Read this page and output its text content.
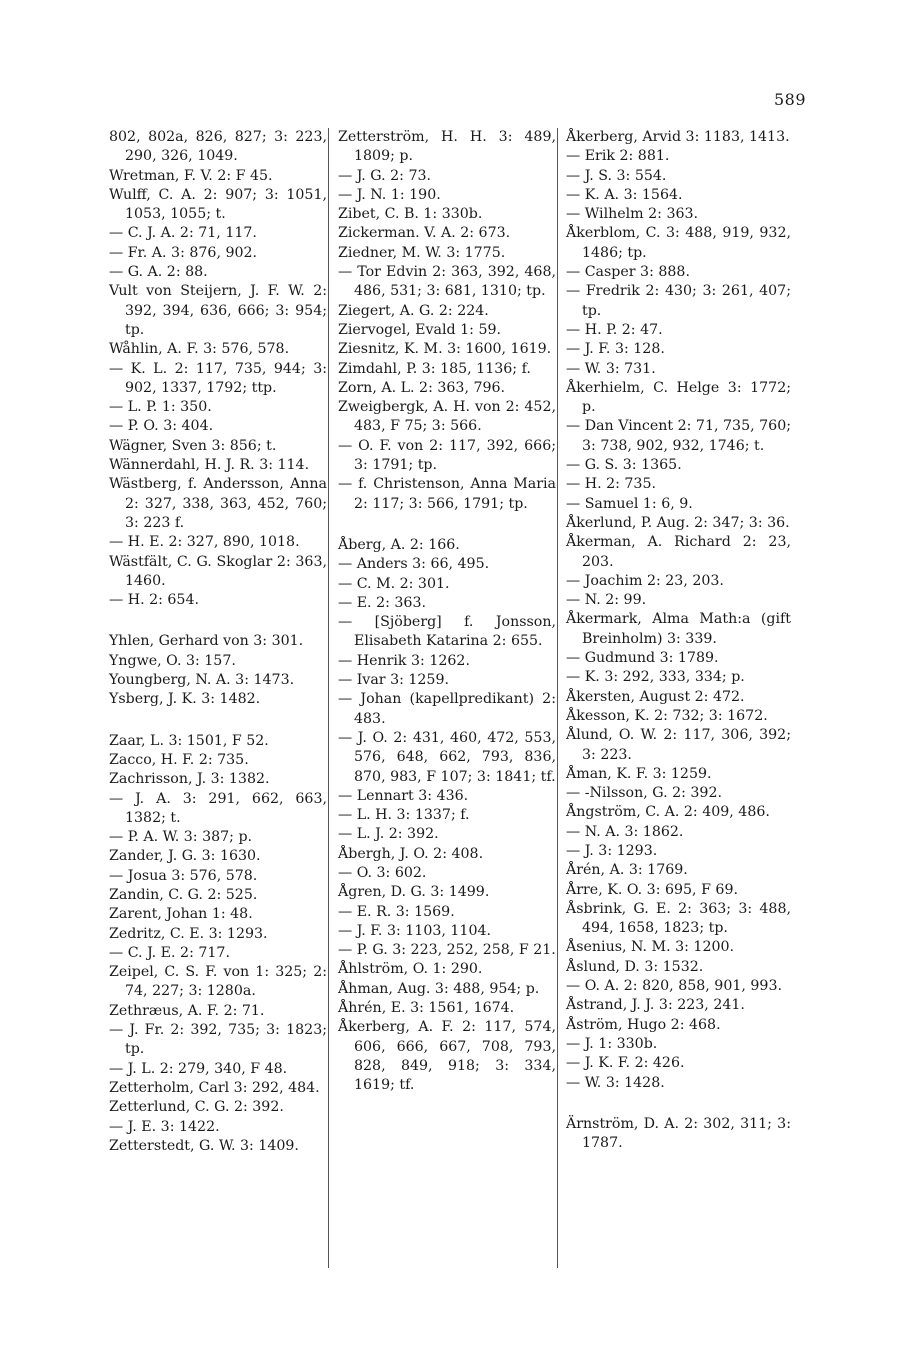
589
802, 802a, 826, 827; 3: 223, 290, 326, 1049.
Wretman, F. V. 2: F 45.
Wulff, C. A. 2: 907; 3: 1051, 1053, 1055; t.
— C. J. A. 2: 71, 117.
— Fr. A. 3: 876, 902.
— G. A. 2: 88.
Vult von Steijern, J. F. W. 2: 392, 394, 636, 666; 3: 954; tp.
Wåhlin, A. F. 3: 576, 578.
— K. L. 2: 117, 735, 944; 3: 902, 1337, 1792; ttp.
— L. P. 1: 350.
— P. O. 3: 404.
Wägner, Sven 3: 856; t.
Wännerdahl, H. J. R. 3: 114.
Wästberg, f. Andersson, Anna 2: 327, 338, 363, 452, 760; 3: 223 f.
— H. E. 2: 327, 890, 1018.
Wästfält, C. G. Skoglar 2: 363, 1460.
— H. 2: 654.
Yhlen, Gerhard von 3: 301.
Yngwe, O. 3: 157.
Youngberg, N. A. 3: 1473.
Ysberg, J. K. 3: 1482.
Zaar, L. 3: 1501, F 52.
Zacco, H. F. 2: 735.
Zachrisson, J. 3: 1382.
— J. A. 3: 291, 662, 663, 1382; t.
— P. A. W. 3: 387; p.
Zander, J. G. 3: 1630.
— Josua 3: 576, 578.
Zandin, C. G. 2: 525.
Zarent, Johan 1: 48.
Zedritz, C. E. 3: 1293.
— C. J. E. 2: 717.
Zeipel, C. S. F. von 1: 325; 2: 74, 227; 3: 1280a.
Zethræus, A. F. 2: 71.
— J. Fr. 2: 392, 735; 3: 1823; tp.
— J. L. 2: 279, 340, F 48.
Zetterholm, Carl 3: 292, 484.
Zetterlund, C. G. 2: 392.
— J. E. 3: 1422.
Zetterstedt, G. W. 3: 1409.
Zetterström, H. H. 3: 489, 1809; p.
— J. G. 2: 73.
— J. N. 1: 190.
Zibet, C. B. 1: 330b.
Zickerman. V. A. 2: 673.
Ziedner, M. W. 3: 1775.
— Tor Edvin 2: 363, 392, 468, 486, 531; 3: 681, 1310; tp.
Ziegert, A. G. 2: 224.
Ziervogel, Evald 1: 59.
Ziesnitz, K. M. 3: 1600, 1619.
Zimdahl, P. 3: 185, 1136; f.
Zorn, A. L. 2: 363, 796.
Zweigbergk, A. H. von 2: 452, 483, F 75; 3: 566.
— O. F. von 2: 117, 392, 666; 3: 1791; tp.
— f. Christenson, Anna Maria 2: 117; 3: 566, 1791; tp.
Åberg, A. 2: 166.
— Anders 3: 66, 495.
— C. M. 2: 301.
— E. 2: 363.
— [Sjöberg] f. Jonsson, Elisabeth Katarina 2: 655.
— Henrik 3: 1262.
— Ivar 3: 1259.
— Johan (kapellpredikant) 2: 483.
— J. O. 2: 431, 460, 472, 553, 576, 648, 662, 793, 836, 870, 983, F 107; 3: 1841; tf.
— Lennart 3: 436.
— L. H. 3: 1337; f.
— L. J. 2: 392.
Åbergh, J. O. 2: 408.
— O. 3: 602.
Ågren, D. G. 3: 1499.
— E. R. 3: 1569.
— J. F. 3: 1103, 1104.
— P. G. 3: 223, 252, 258, F 21.
Åhlström, O. 1: 290.
Åhman, Aug. 3: 488, 954; p.
Åhrén, E. 3: 1561, 1674.
Åkerberg, A. F. 2: 117, 574, 606, 666, 667, 708, 793, 828, 849, 918; 3: 334, 1619; tf.
Åkerberg, Arvid 3: 1183, 1413.
— Erik 2: 881.
— J. S. 3: 554.
— K. A. 3: 1564.
— Wilhelm 2: 363.
Åkerblom, C. 3: 488, 919, 932, 1486; tp.
— Casper 3: 888.
— Fredrik 2: 430; 3: 261, 407; tp.
— H. P. 2: 47.
— J. F. 3: 128.
— W. 3: 731.
Åkerhielm, C. Helge 3: 1772; p.
— Dan Vincent 2: 71, 735, 760; 3: 738, 902, 932, 1746; t.
— G. S. 3: 1365.
— H. 2: 735.
— Samuel 1: 6, 9.
Åkerlund, P. Aug. 2: 347; 3: 36.
Åkerman, A. Richard 2: 23, 203.
— Joachim 2: 23, 203.
— N. 2: 99.
Åkermark, Alma Math:a (gift Breinholm) 3: 339.
— Gudmund 3: 1789.
— K. 3: 292, 333, 334; p.
Åkersten, August 2: 472.
Åkesson, K. 2: 732; 3: 1672.
Ålund, O. W. 2: 117, 306, 392; 3: 223.
Åman, K. F. 3: 1259.
— -Nilsson, G. 2: 392.
Ångström, C. A. 2: 409, 486.
— N. A. 3: 1862.
— J. 3: 1293.
Årén, A. 3: 1769.
Årre, K. O. 3: 695, F 69.
Åsbrink, G. E. 2: 363; 3: 488, 494, 1658, 1823; tp.
Åsenius, N. M. 3: 1200.
Åslund, D. 3: 1532.
— O. A. 2: 820, 858, 901, 993.
Åstrand, J. J. 3: 223, 241.
Åström, Hugo 2: 468.
— J. 1: 330b.
— J. K. F. 2: 426.
— W. 3: 1428.
Ärnström, D. A. 2: 302, 311; 3: 1787.
